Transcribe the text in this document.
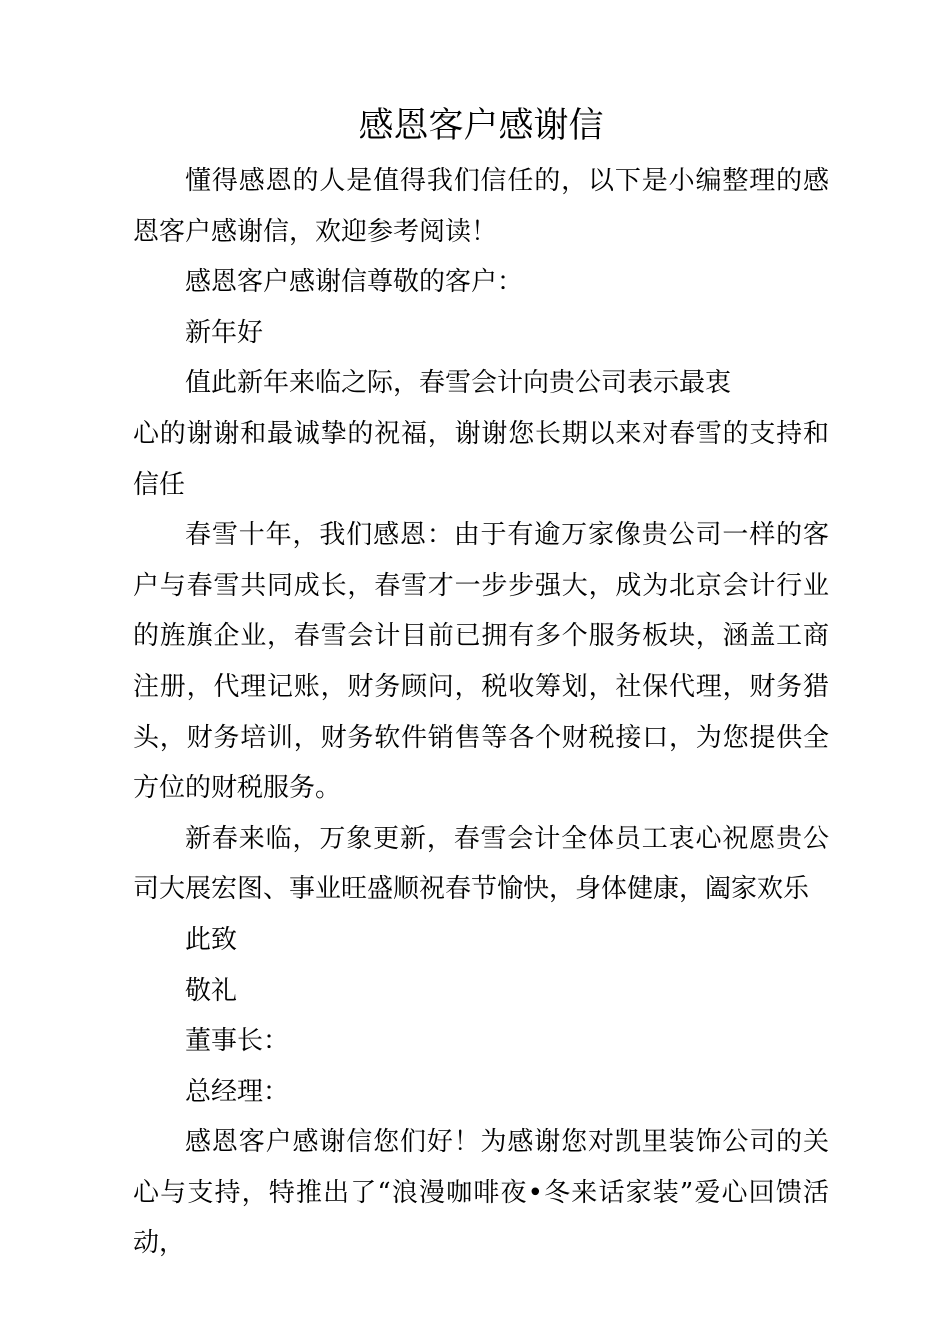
感恩客户感谢信

懂得感恩的人是值得我们信任的，以下是小编整理的感恩客户感谢信，欢迎参考阅读！

感恩客户感谢信尊敬的客户：

新年好

值此新年来临之际，春雪会计向贵公司表示最衷

心的谢谢和最诚挚的祝福，谢谢您长期以来对春雪的支持和信任

春雪十年，我们感恩：由于有逾万家像贵公司一样的客户与春雪共同成长，春雪才一步步强大，成为北京会计行业的旌旗企业，春雪会计目前已拥有多个服务板块，涵盖工商注册，代理记账，财务顾问，税收筹划，社保代理，财务猎头，财务培训，财务软件销售等各个财税接口，为您提供全方位的财税服务。

新春来临，万象更新，春雪会计全体员工衷心祝愿贵公司大展宏图、事业旺盛顺祝春节愉快，身体健康，阖家欢乐

此致

敬礼

董事长：

总经理：

感恩客户感谢信您们好！为感谢您对凯里装饰公司的关心与支持，特推出了“浪漫咖啡夜•冬来话家装”爱心回馈活动，
